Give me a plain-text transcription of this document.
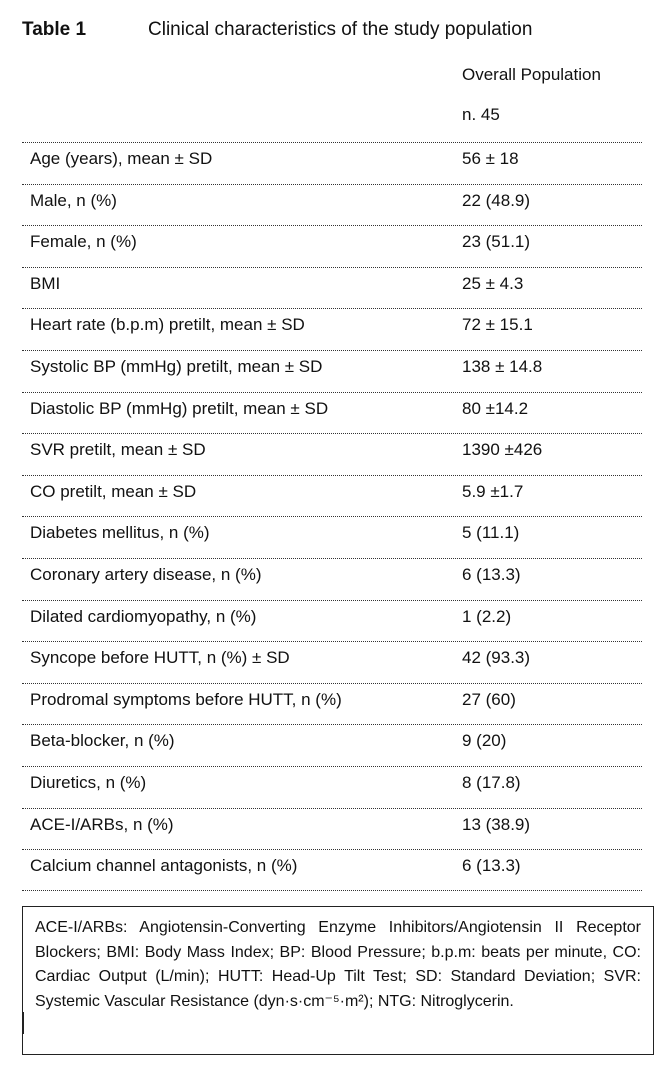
Table 1	Clinical characteristics of the study population
Overall Population
n. 45
Age (years), mean ± SD	56 ± 18
Male, n (%)	22 (48.9)
Female, n (%)	23 (51.1)
BMI	25 ± 4.3
Heart rate (b.p.m) pretilt, mean ± SD	72 ± 15.1
Systolic BP (mmHg) pretilt, mean ± SD	138 ± 14.8
Diastolic BP (mmHg) pretilt, mean ± SD	80 ±14.2
SVR pretilt, mean ± SD	1390 ±426
CO pretilt, mean ± SD	5.9 ±1.7
Diabetes mellitus, n (%)	5 (11.1)
Coronary artery disease, n (%)	6 (13.3)
Dilated cardiomyopathy, n (%)	1 (2.2)
Syncope before HUTT, n (%) ± SD	42 (93.3)
Prodromal symptoms before HUTT, n (%)	27 (60)
Beta-blocker, n (%)	9 (20)
Diuretics, n (%)	8 (17.8)
ACE-I/ARBs, n (%)	13 (38.9)
Calcium channel antagonists, n (%)	6 (13.3)
ACE-I/ARBs: Angiotensin-Converting Enzyme Inhibitors/Angiotensin II Receptor Blockers; BMI: Body Mass Index; BP: Blood Pressure; b.p.m: beats per minute, CO: Cardiac Output (L/min); HUTT: Head-Up Tilt Test; SD: Standard Deviation; SVR: Systemic Vascular Resistance (dyn·s·cm⁻⁵·m²); NTG: Nitroglycerin.
